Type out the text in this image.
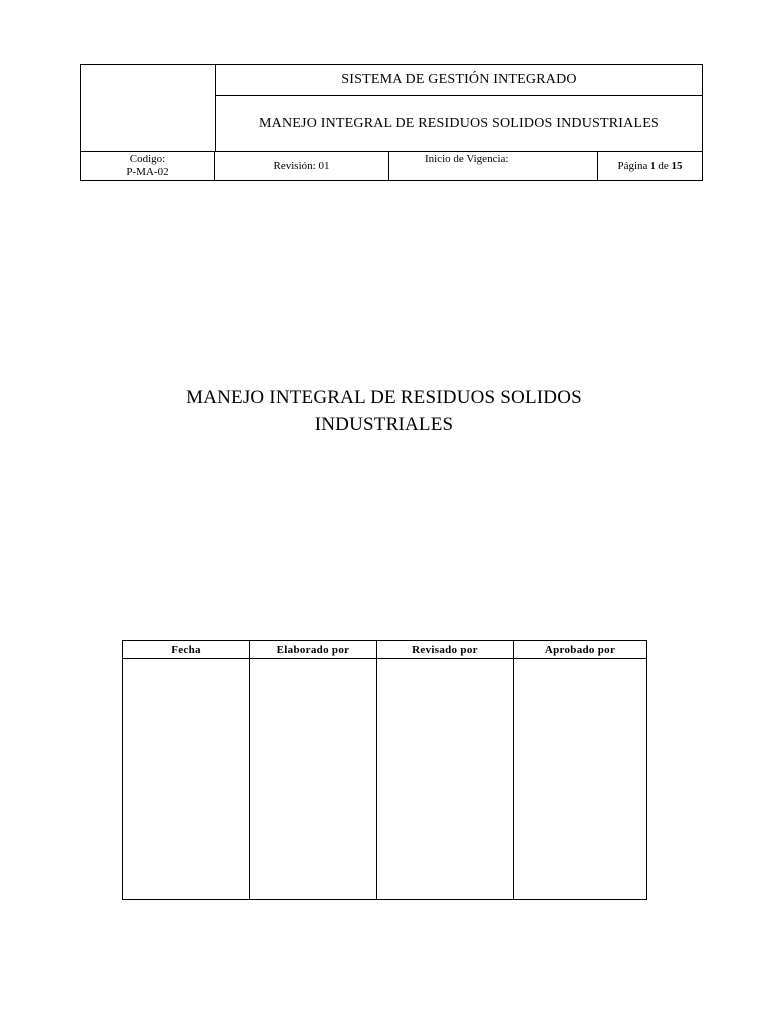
	SISTEMA DE GESTIÓN INTEGRADO
MANEJO INTEGRAL DE RESIDUOS SOLIDOS INDUSTRIALES
Codigo:
P-MA-02	Revisión: 01	Inicio de Vigencia:	Página 1 de 15
MANEJO INTEGRAL DE RESIDUOS SOLIDOS
INDUSTRIALES
Fecha	Elaborado por	Revisado por	Aprobado por
